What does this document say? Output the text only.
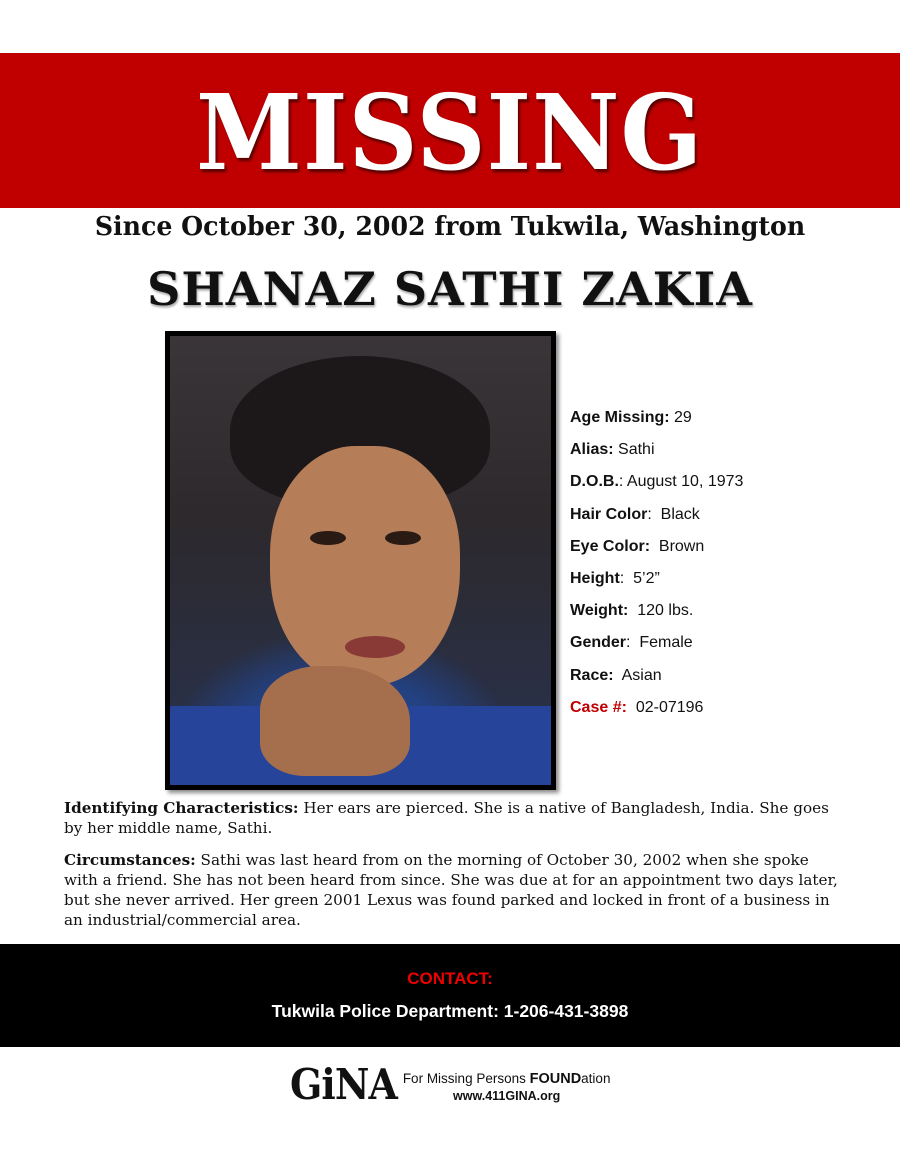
MISSING
Since October 30, 2002 from Tukwila, Washington
SHANAZ SATHI ZAKIA
Age Missing: 29
Alias: Sathi
D.O.B.: August 10, 1973
Hair Color:  Black
Eye Color:  Brown
Height:  5’2”
Weight:  120 lbs.
Gender:  Female
Race:  Asian
Case #:  02-07196
Identifying Characteristics: Her ears are pierced. She is a native of Bangladesh, India. She goes by her middle name, Sathi.
Circumstances: Sathi was last heard from on the morning of October 30, 2002 when she spoke with a friend. She has not been heard from since. She was due at for an appointment two days later, but she never arrived. Her green 2001 Lexus was found parked and locked in front of a business in an industrial/commercial area.
CONTACT:
Tukwila Police Department: 1-206-431-3898
GiNA For Missing Persons FOUNDation
www.411GINA.org
